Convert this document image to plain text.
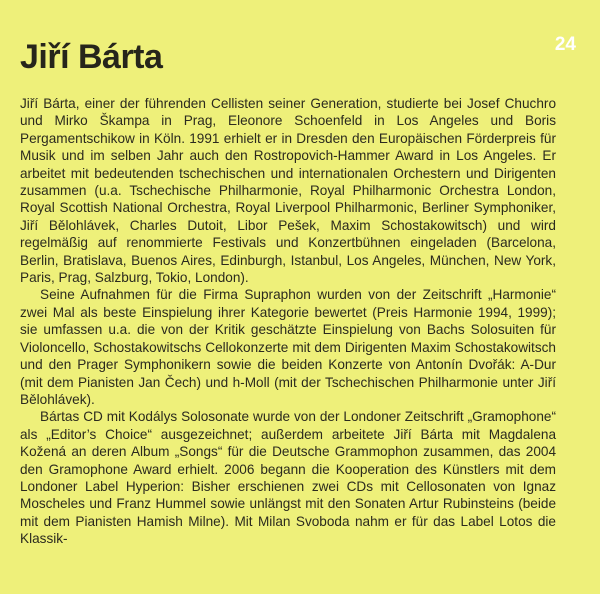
24
Jiří Bárta

Jiří Bárta, einer der führenden Cellisten seiner Generation, studierte bei Josef Chuchro und Mirko Škampa in Prag, Eleonore Schoenfeld in Los Angeles und Boris Pergamentschikow in Köln. 1991 erhielt er in Dresden den Europäischen Förderpreis für Musik und im selben Jahr auch den Rostropovich-Hammer Award in Los Angeles. Er arbeitet mit bedeutenden tschechischen und internationalen Orchestern und Dirigenten zusammen (u.a. Tschechische Philharmonie, Royal Philharmonic Orchestra London, Royal Scottish National Orchestra, Royal Liverpool Philharmonic, Berliner Symphoniker, Jiří Bělohlávek, Charles Dutoit, Libor Pešek, Maxim Schostakowitsch) und wird regelmäßig auf renommierte Festivals und Konzertbühnen eingeladen (Barcelona, Berlin, Bratislava, Buenos Aires, Edinburgh, Istanbul, Los Angeles, München, New York, Paris, Prag, Salzburg, Tokio, London).

Seine Aufnahmen für die Firma Supraphon wurden von der Zeitschrift „Harmonie“ zwei Mal als beste Einspielung ihrer Kategorie bewertet (Preis Harmonie 1994, 1999); sie umfassen u.a. die von der Kritik geschätzte Einspielung von Bachs Solosuiten für Violoncello, Schostakowitschs Cellokonzerte mit dem Dirigenten Maxim Schostakowitsch und den Prager Symphonikern sowie die beiden Konzerte von Antonín Dvořák: A-Dur (mit dem Pianisten Jan Čech) und h-Moll (mit der Tschechischen Philharmonie unter Jiří Bělohlávek).

Bártas CD mit Kodálys Solosonate wurde von der Londoner Zeitschrift „Gramophone“ als „Editor’s Choice“ ausgezeichnet; außerdem arbeitete Jiří Bárta mit Magdalena Kožená an deren Album „Songs“ für die Deutsche Grammophon zusammen, das 2004 den Gramophone Award erhielt. 2006 begann die Kooperation des Künstlers mit dem Londoner Label Hyperion: Bisher erschienen zwei CDs mit Cellosonaten von Ignaz Moscheles und Franz Hummel sowie unlängst mit den Sonaten Artur Rubinsteins (beide mit dem Pianisten Hamish Milne). Mit Milan Svoboda nahm er für das Label Lotos die Klassik-
